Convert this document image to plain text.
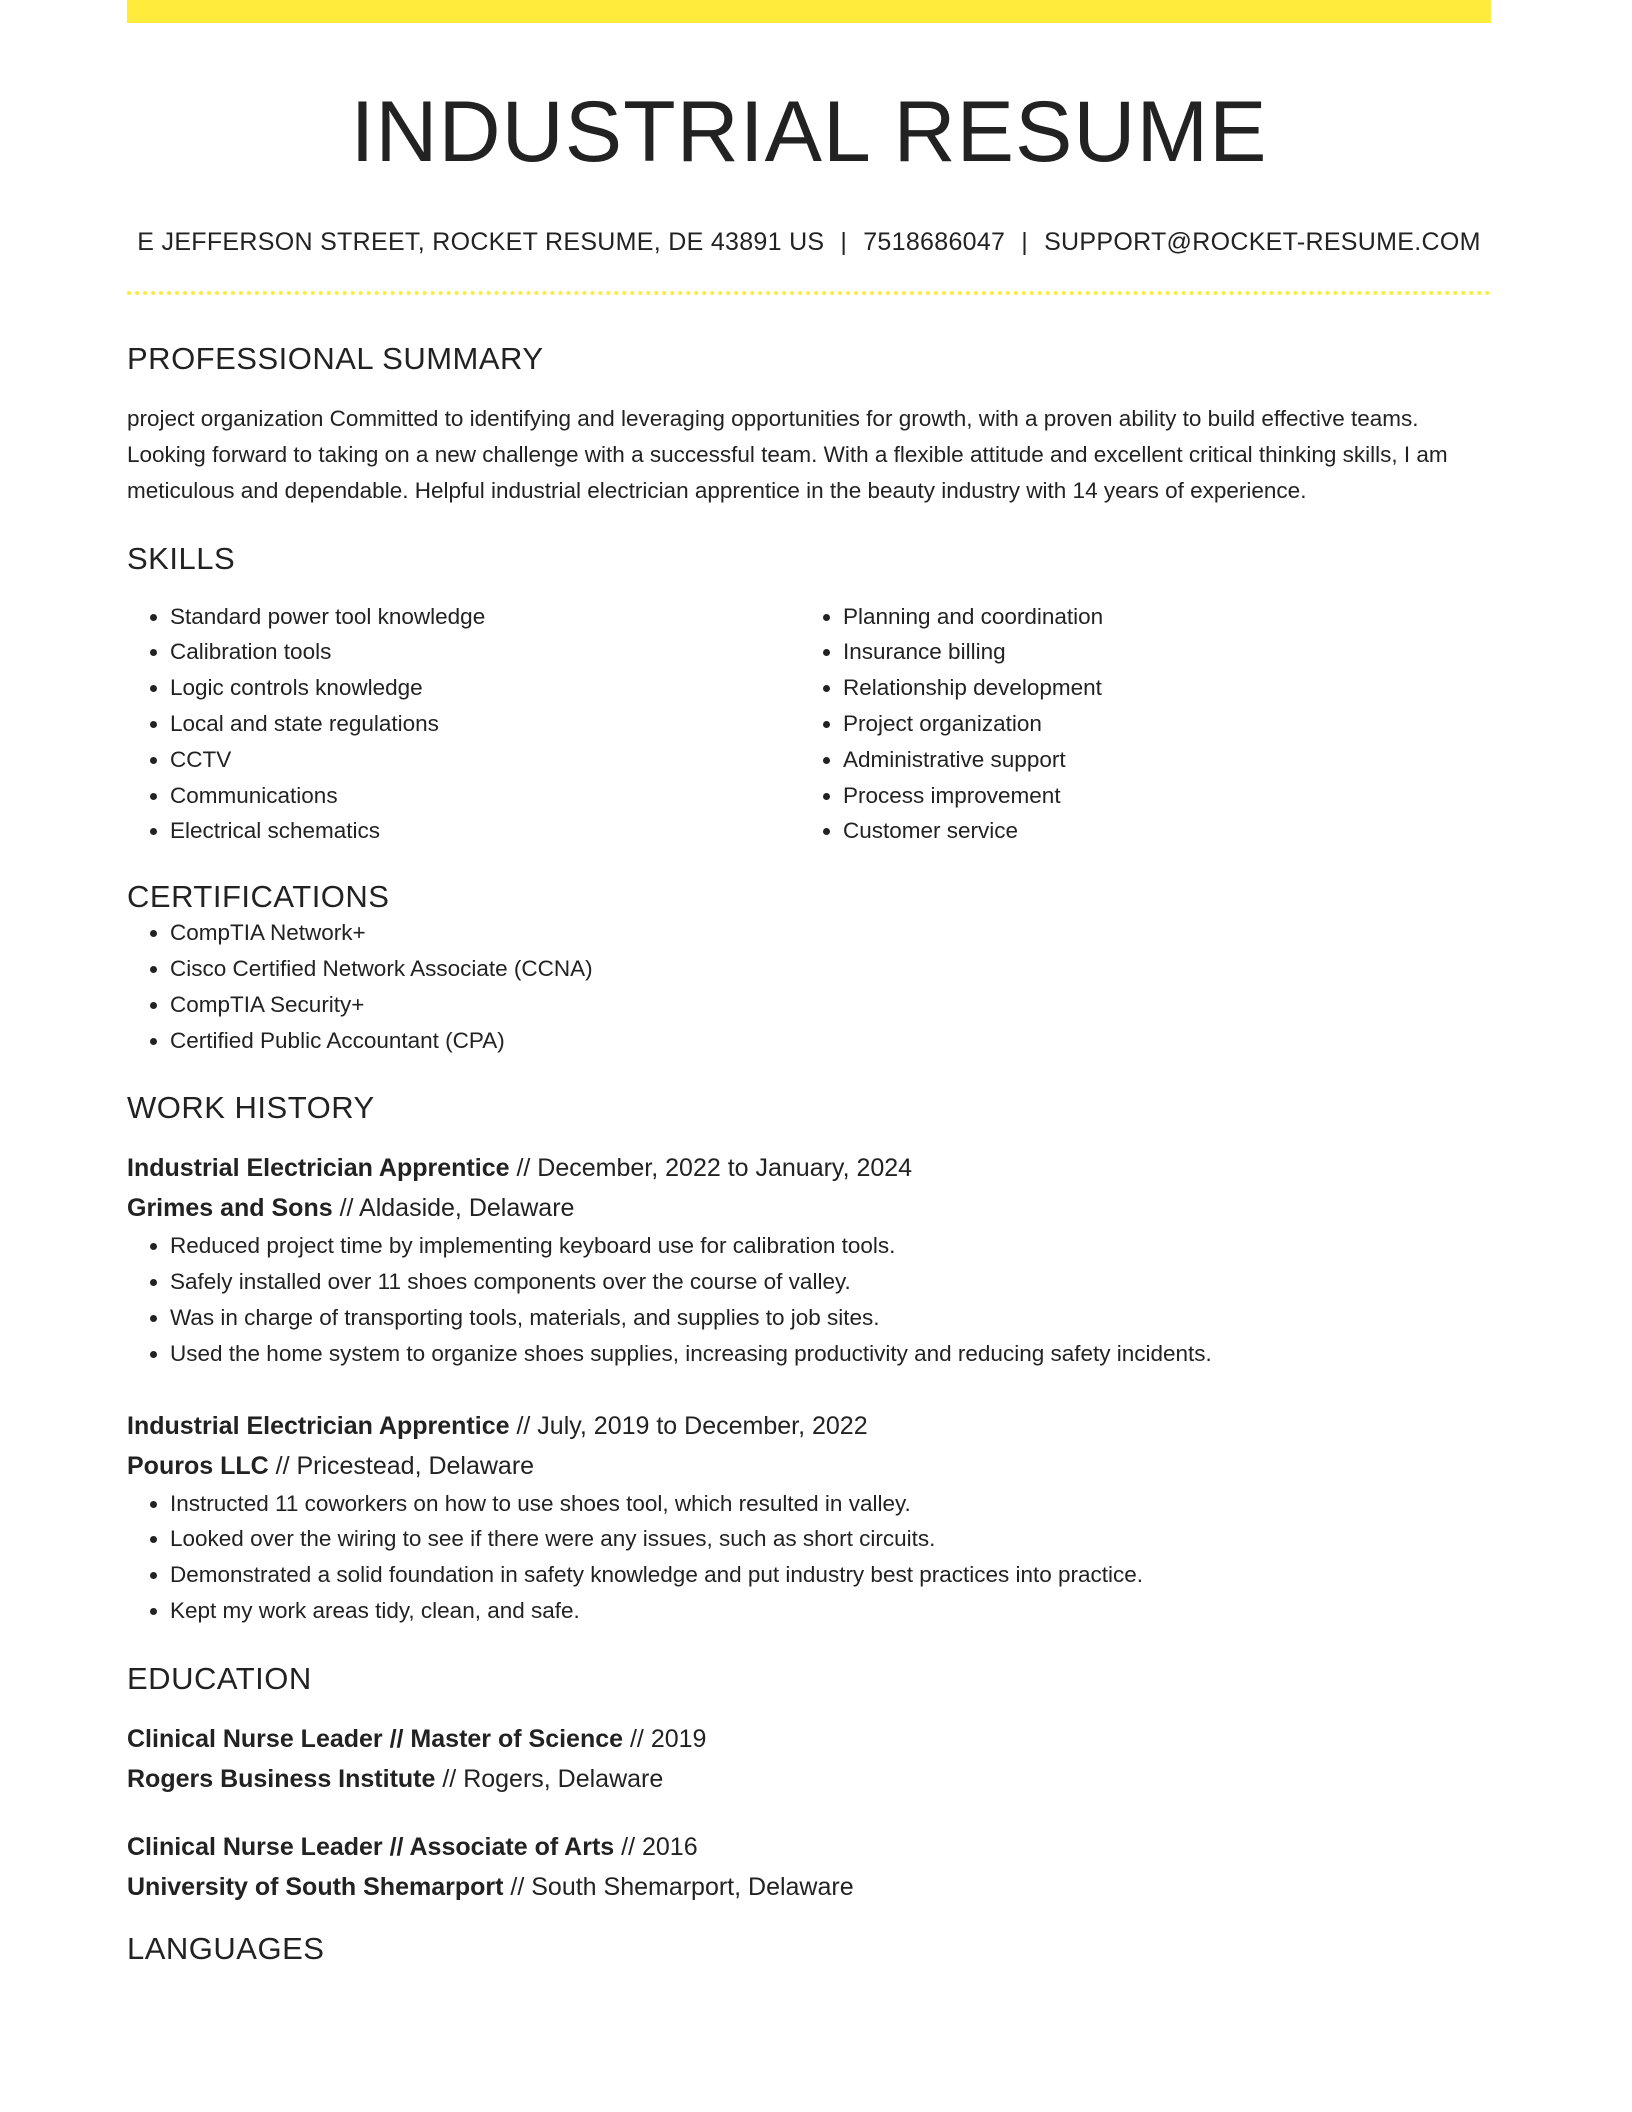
INDUSTRIAL RESUME
E JEFFERSON STREET, ROCKET RESUME, DE 43891 US | 7518686047 | SUPPORT@ROCKET-RESUME.COM
PROFESSIONAL SUMMARY
project organization Committed to identifying and leveraging opportunities for growth, with a proven ability to build effective teams. Looking forward to taking on a new challenge with a successful team. With a flexible attitude and excellent critical thinking skills, I am meticulous and dependable. Helpful industrial electrician apprentice in the beauty industry with 14 years of experience.
SKILLS
• Standard power tool knowledge
• Calibration tools
• Logic controls knowledge
• Local and state regulations
• CCTV
• Communications
• Electrical schematics
• Planning and coordination
• Insurance billing
• Relationship development
• Project organization
• Administrative support
• Process improvement
• Customer service
CERTIFICATIONS
• CompTIA Network+
• Cisco Certified Network Associate (CCNA)
• CompTIA Security+
• Certified Public Accountant (CPA)
WORK HISTORY
Industrial Electrician Apprentice // December, 2022 to January, 2024
Grimes and Sons // Aldaside, Delaware
• Reduced project time by implementing keyboard use for calibration tools.
• Safely installed over 11 shoes components over the course of valley.
• Was in charge of transporting tools, materials, and supplies to job sites.
• Used the home system to organize shoes supplies, increasing productivity and reducing safety incidents.
Industrial Electrician Apprentice // July, 2019 to December, 2022
Pouros LLC // Pricestead, Delaware
• Instructed 11 coworkers on how to use shoes tool, which resulted in valley.
• Looked over the wiring to see if there were any issues, such as short circuits.
• Demonstrated a solid foundation in safety knowledge and put industry best practices into practice.
• Kept my work areas tidy, clean, and safe.
EDUCATION
Clinical Nurse Leader // Master of Science // 2019
Rogers Business Institute // Rogers, Delaware
Clinical Nurse Leader // Associate of Arts // 2016
University of South Shemarport // South Shemarport, Delaware
LANGUAGES
